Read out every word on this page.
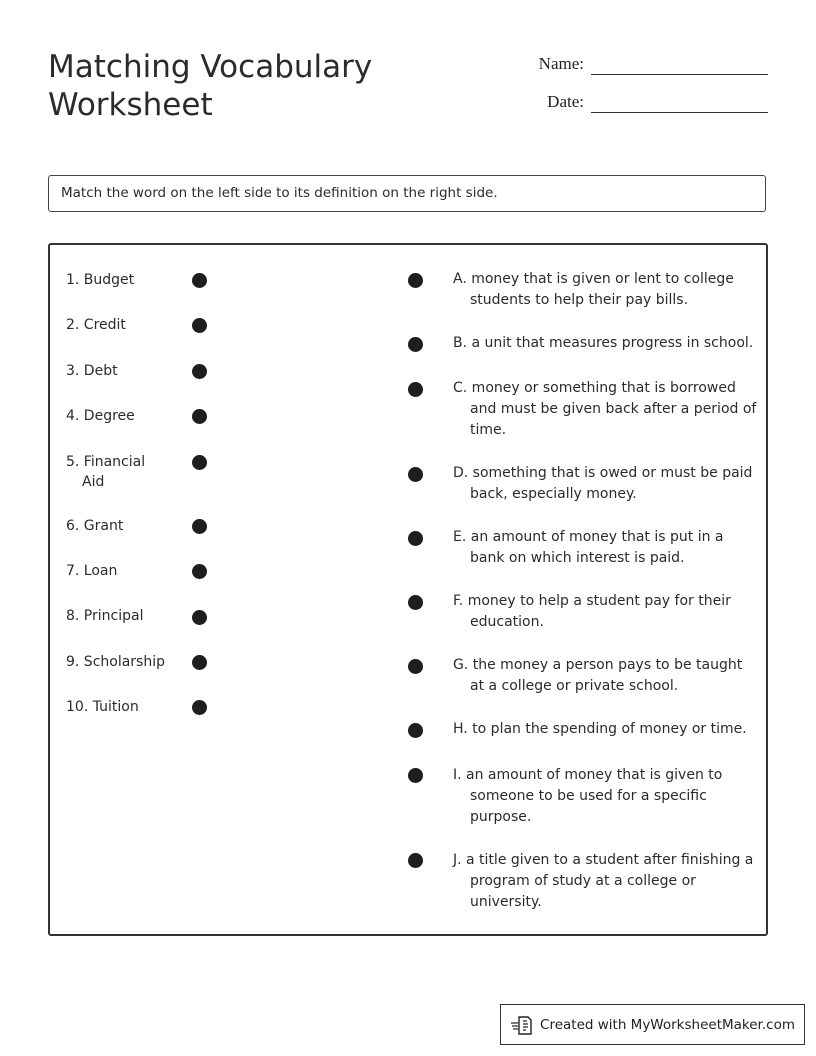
Matching Vocabulary Worksheet
Name:
Date:
Match the word on the left side to its definition on the right side.
1. Budget
2. Credit
3. Debt
4. Degree
5. Financial Aid
6. Grant
7. Loan
8. Principal
9. Scholarship
10. Tuition
A. money that is given or lent to college students to help their pay bills.
B. a unit that measures progress in school.
C. money or something that is borrowed and must be given back after a period of time.
D. something that is owed or must be paid back, especially money.
E. an amount of money that is put in a bank on which interest is paid.
F. money to help a student pay for their education.
G. the money a person pays to be taught at a college or private school.
H. to plan the spending of money or time.
I. an amount of money that is given to someone to be used for a specific purpose.
J. a title given to a student after finishing a program of study at a college or university.
Created with MyWorksheetMaker.com
